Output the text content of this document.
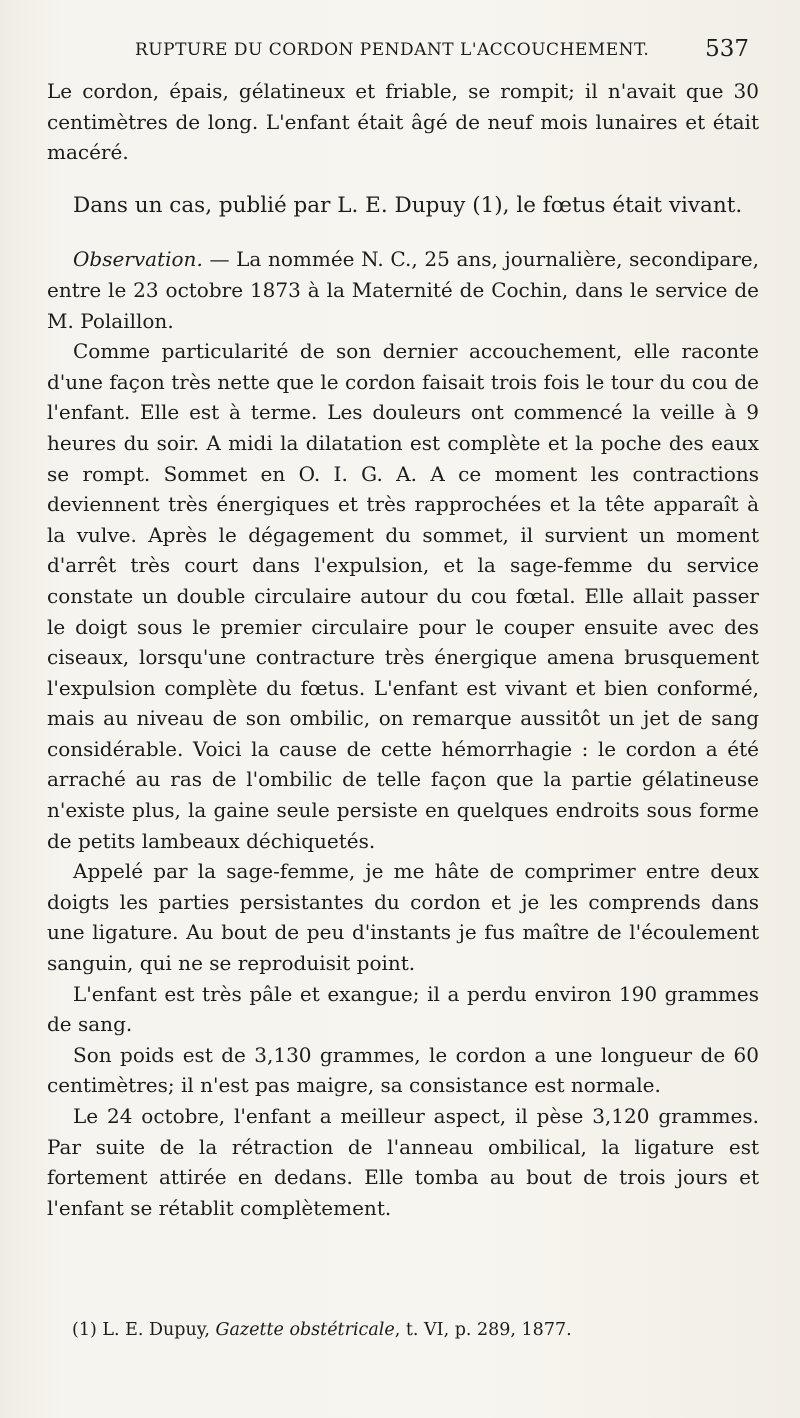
RUPTURE DU CORDON PENDANT L'ACCOUCHEMENT. 537

Le cordon, épais, gélatineux et friable, se rompit; il n'avait que 30 centimètres de long. L'enfant était âgé de neuf mois lunaires et était macéré.

Dans un cas, publié par L. E. Dupuy (1), le fœtus était vivant.

Observation. — La nommée N. C., 25 ans, journalière, secondipare, entre le 23 octobre 1873 à la Maternité de Cochin, dans le service de M. Polaillon.

Comme particularité de son dernier accouchement, elle raconte d'une façon très nette que le cordon faisait trois fois le tour du cou de l'enfant. Elle est à terme. Les douleurs ont commencé la veille à 9 heures du soir. A midi la dilatation est complète et la poche des eaux se rompt. Sommet en O. I. G. A. A ce moment les contractions deviennent très énergiques et très rapprochées et la tête apparaît à la vulve. Après le dégagement du sommet, il survient un moment d'arrêt très court dans l'expulsion, et la sage-femme du service constate un double circulaire autour du cou fœtal. Elle allait passer le doigt sous le premier circulaire pour le couper ensuite avec des ciseaux, lorsqu'une contracture très énergique amena brusquement l'expulsion complète du fœtus. L'enfant est vivant et bien conformé, mais au niveau de son ombilic, on remarque aussitôt un jet de sang considérable. Voici la cause de cette hémorrhagie : le cordon a été arraché au ras de l'ombilic de telle façon que la partie gélatineuse n'existe plus, la gaine seule persiste en quelques endroits sous forme de petits lambeaux déchiquetés.

Appelé par la sage-femme, je me hâte de comprimer entre deux doigts les parties persistantes du cordon et je les comprends dans une ligature. Au bout de peu d'instants je fus maître de l'écoulement sanguin, qui ne se reproduisit point.

L'enfant est très pâle et exangue; il a perdu environ 190 grammes de sang.

Son poids est de 3,130 grammes, le cordon a une longueur de 60 centimètres; il n'est pas maigre, sa consistance est normale.

Le 24 octobre, l'enfant a meilleur aspect, il pèse 3,120 grammes. Par suite de la rétraction de l'anneau ombilical, la ligature est fortement attirée en dedans. Elle tomba au bout de trois jours et l'enfant se rétablit complètement.

(1) L. E. Dupuy, Gazette obstétricale, t. VI, p. 289, 1877.
